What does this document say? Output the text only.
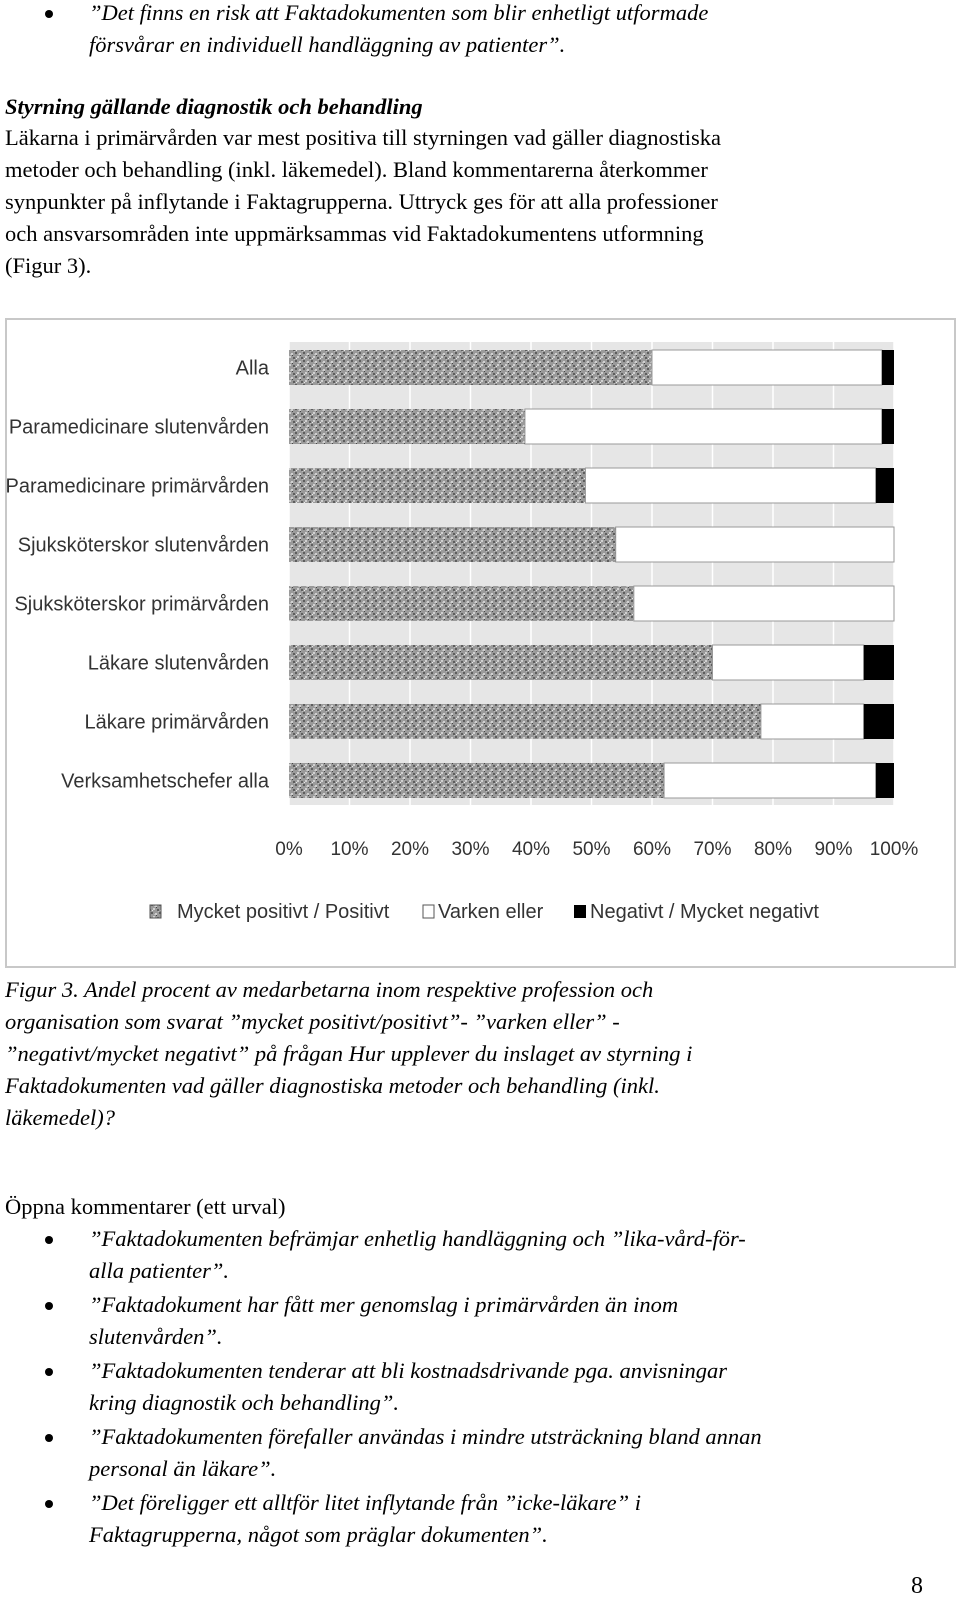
”Det finns en risk att Faktadokumenten som blir enhetligt utformade
försvårar en individuell handläggning av patienter”.
Styrning gällande diagnostik och behandling
Läkarna i primärvården var mest positiva till styrningen vad gäller diagnostiska
metoder och behandling (inkl. läkemedel). Bland kommentarerna återkommer
synpunkter på inflytande i Faktagrupperna. Uttryck ges för att alla professioner
och ansvarsområden inte uppmärksammas vid Faktadokumentens utformning
(Figur 3).
Alla
Paramedicinare slutenvården
Paramedicinare primärvården
Sjuksköterskor slutenvården
Sjuksköterskor primärvården
Läkare slutenvården
Läkare primärvården
Verksamhetschefer alla
0% 10% 20% 30% 40% 50% 60% 70% 80% 90% 100%
Mycket positivt / Positivt Varken eller Negativt / Mycket negativt
Figur 3. Andel procent av medarbetarna inom respektive profession och
organisation som svarat ”mycket positivt/positivt”- ”varken eller” -
”negativt/mycket negativt” på frågan Hur upplever du inslaget av styrning i
Faktadokumenten vad gäller diagnostiska metoder och behandling (inkl.
läkemedel)?
Öppna kommentarer (ett urval)
”Faktadokumenten befrämjar enhetlig handläggning och ”lika-vård-för-
alla patienter”.
”Faktadokument har fått mer genomslag i primärvården än inom
slutenvården”.
”Faktadokumenten tenderar att bli kostnadsdrivande pga. anvisningar
kring diagnostik och behandling”.
”Faktadokumenten förefaller användas i mindre utsträckning bland annan
personal än läkare”.
”Det föreligger ett alltför litet inflytande från ”icke-läkare” i
Faktagrupperna, något som präglar dokumenten”.
8
